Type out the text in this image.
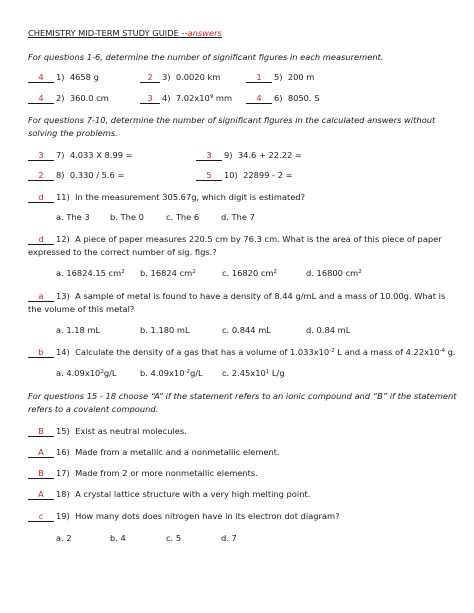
CHEMISTRY MID-TERM STUDY GUIDE --answers
For questions 1-6, determine the number of significant figures in each measurement.
4 1) 4658 g	2 3) 0.0020 km	1 5) 200 m
4 2) 360.0 cm	3 4) $7.02x10^9$ mm	4 6) 8050. S
For questions 7-10, determine the number of significant figures in the calculated answers without
solving the problems.
3 7) 4.033 X 8.99 =	3 9) 34.6 + 22.22 =
2 8) 0.330 / 5.6 =	5 10) 22899 - 2 =
d 11) In the measurement 305.67g, which digit is estimated?
a. The 3 b. The 0	c. The 6	d. The 7
d 12) A piece of paper measures 220.5 cm by 76.3 cm. What is the area of this piece of paper
expressed to the correct number of sig. figs.?
a. 16824.15 $cm^2$ b. 16824 $cm^2$	c. 16820 $cm^2$	d. 16800 $cm^2$
a 13) A sample of metal is found to have a density of 8.44 g/mL and a mass of 10.00g. What is
the volume of this metal?
a. 1.18 mL	b. 1.180 mL	c. 0.844 mL	d. 0.84 mL
b 14) Calculate the density of a gas that has a volume of $1.033x10^{-2}$ L and a mass of $4.22x10^{-4}$ g.
a. $4.09x10^2g/L$	b. $4.09x10^{-2}g/L$ c. $2.45x10^1$ L/g
For questions 15 - 18 choose “A” if the statement refers to an ionic compound and “B” if the statement
refers to a covalent compound.
B 15) Exist as neutral molecules.
A 16) Made from a metallic and a nonmetallic element.
B 17) Made from 2 or more nonmetallic elements.
A 18) A crystal lattice structure with a very high melting point.
c 19) How many dots does nitrogen have in its electron dot diagram?
a. 2	b. 4	c. 5	d. 7
